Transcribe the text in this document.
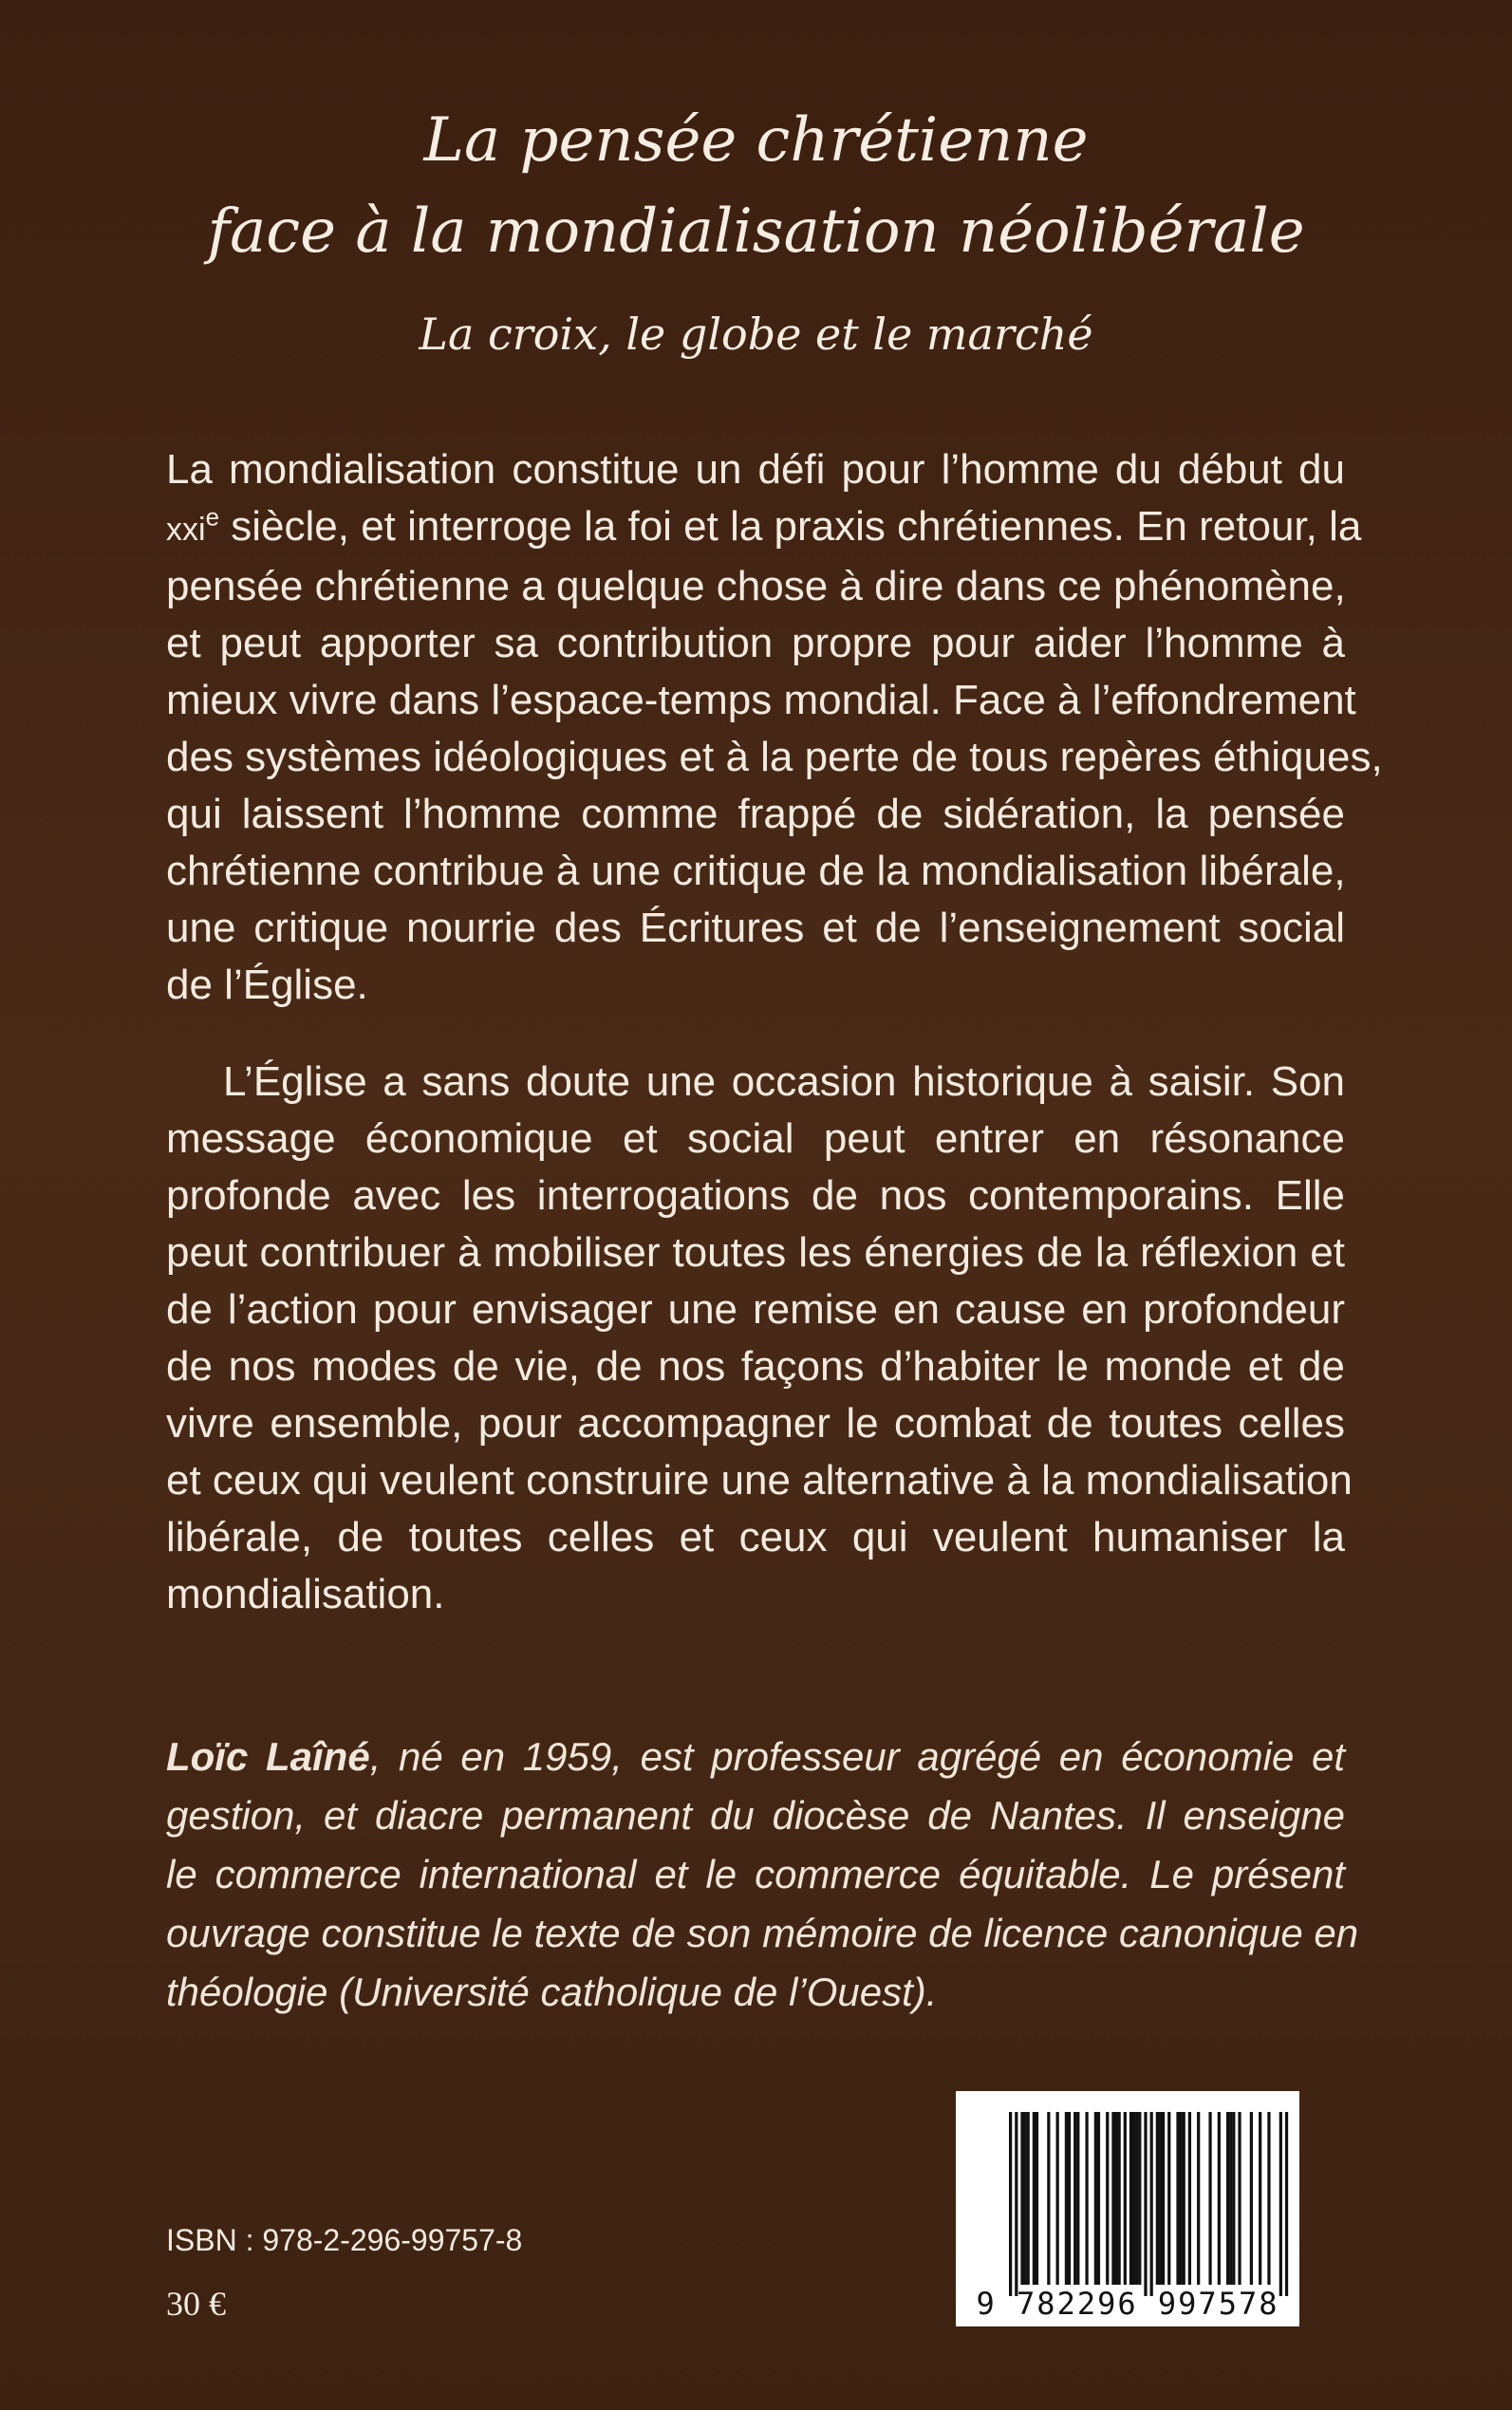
La pensée chrétienne
face à la mondialisation néolibérale
La croix, le globe et le marché
La mondialisation constitue un défi pour l’homme du début du
xxi$^e$ siècle, et interroge la foi et la praxis chrétiennes. En retour, la
pensée chrétienne a quelque chose à dire dans ce phénomène,
et peut apporter sa contribution propre pour aider l’homme à
mieux vivre dans l’espace-temps mondial. Face à l’effondrement
des systèmes idéologiques et à la perte de tous repères éthiques,
qui laissent l’homme comme frappé de sidération, la pensée
chrétienne contribue à une critique de la mondialisation libérale,
une critique nourrie des Écritures et de l’enseignement social
de l’Église.
L’Église a sans doute une occasion historique à saisir. Son
message économique et social peut entrer en résonance
profonde avec les interrogations de nos contemporains. Elle
peut contribuer à mobiliser toutes les énergies de la réflexion et
de l’action pour envisager une remise en cause en profondeur
de nos modes de vie, de nos façons d’habiter le monde et de
vivre ensemble, pour accompagner le combat de toutes celles
et ceux qui veulent construire une alternative à la mondialisation
libérale, de toutes celles et ceux qui veulent humaniser la
mondialisation.
Loïc Laîné, né en 1959, est professeur agrégé en économie et
gestion, et diacre permanent du diocèse de Nantes. Il enseigne
le commerce international et le commerce équitable. Le présent
ouvrage constitue le texte de son mémoire de licence canonique en
théologie (Université catholique de l’Ouest).
ISBN : 978-2-296-99757-8
30 €	9 782296 997578
